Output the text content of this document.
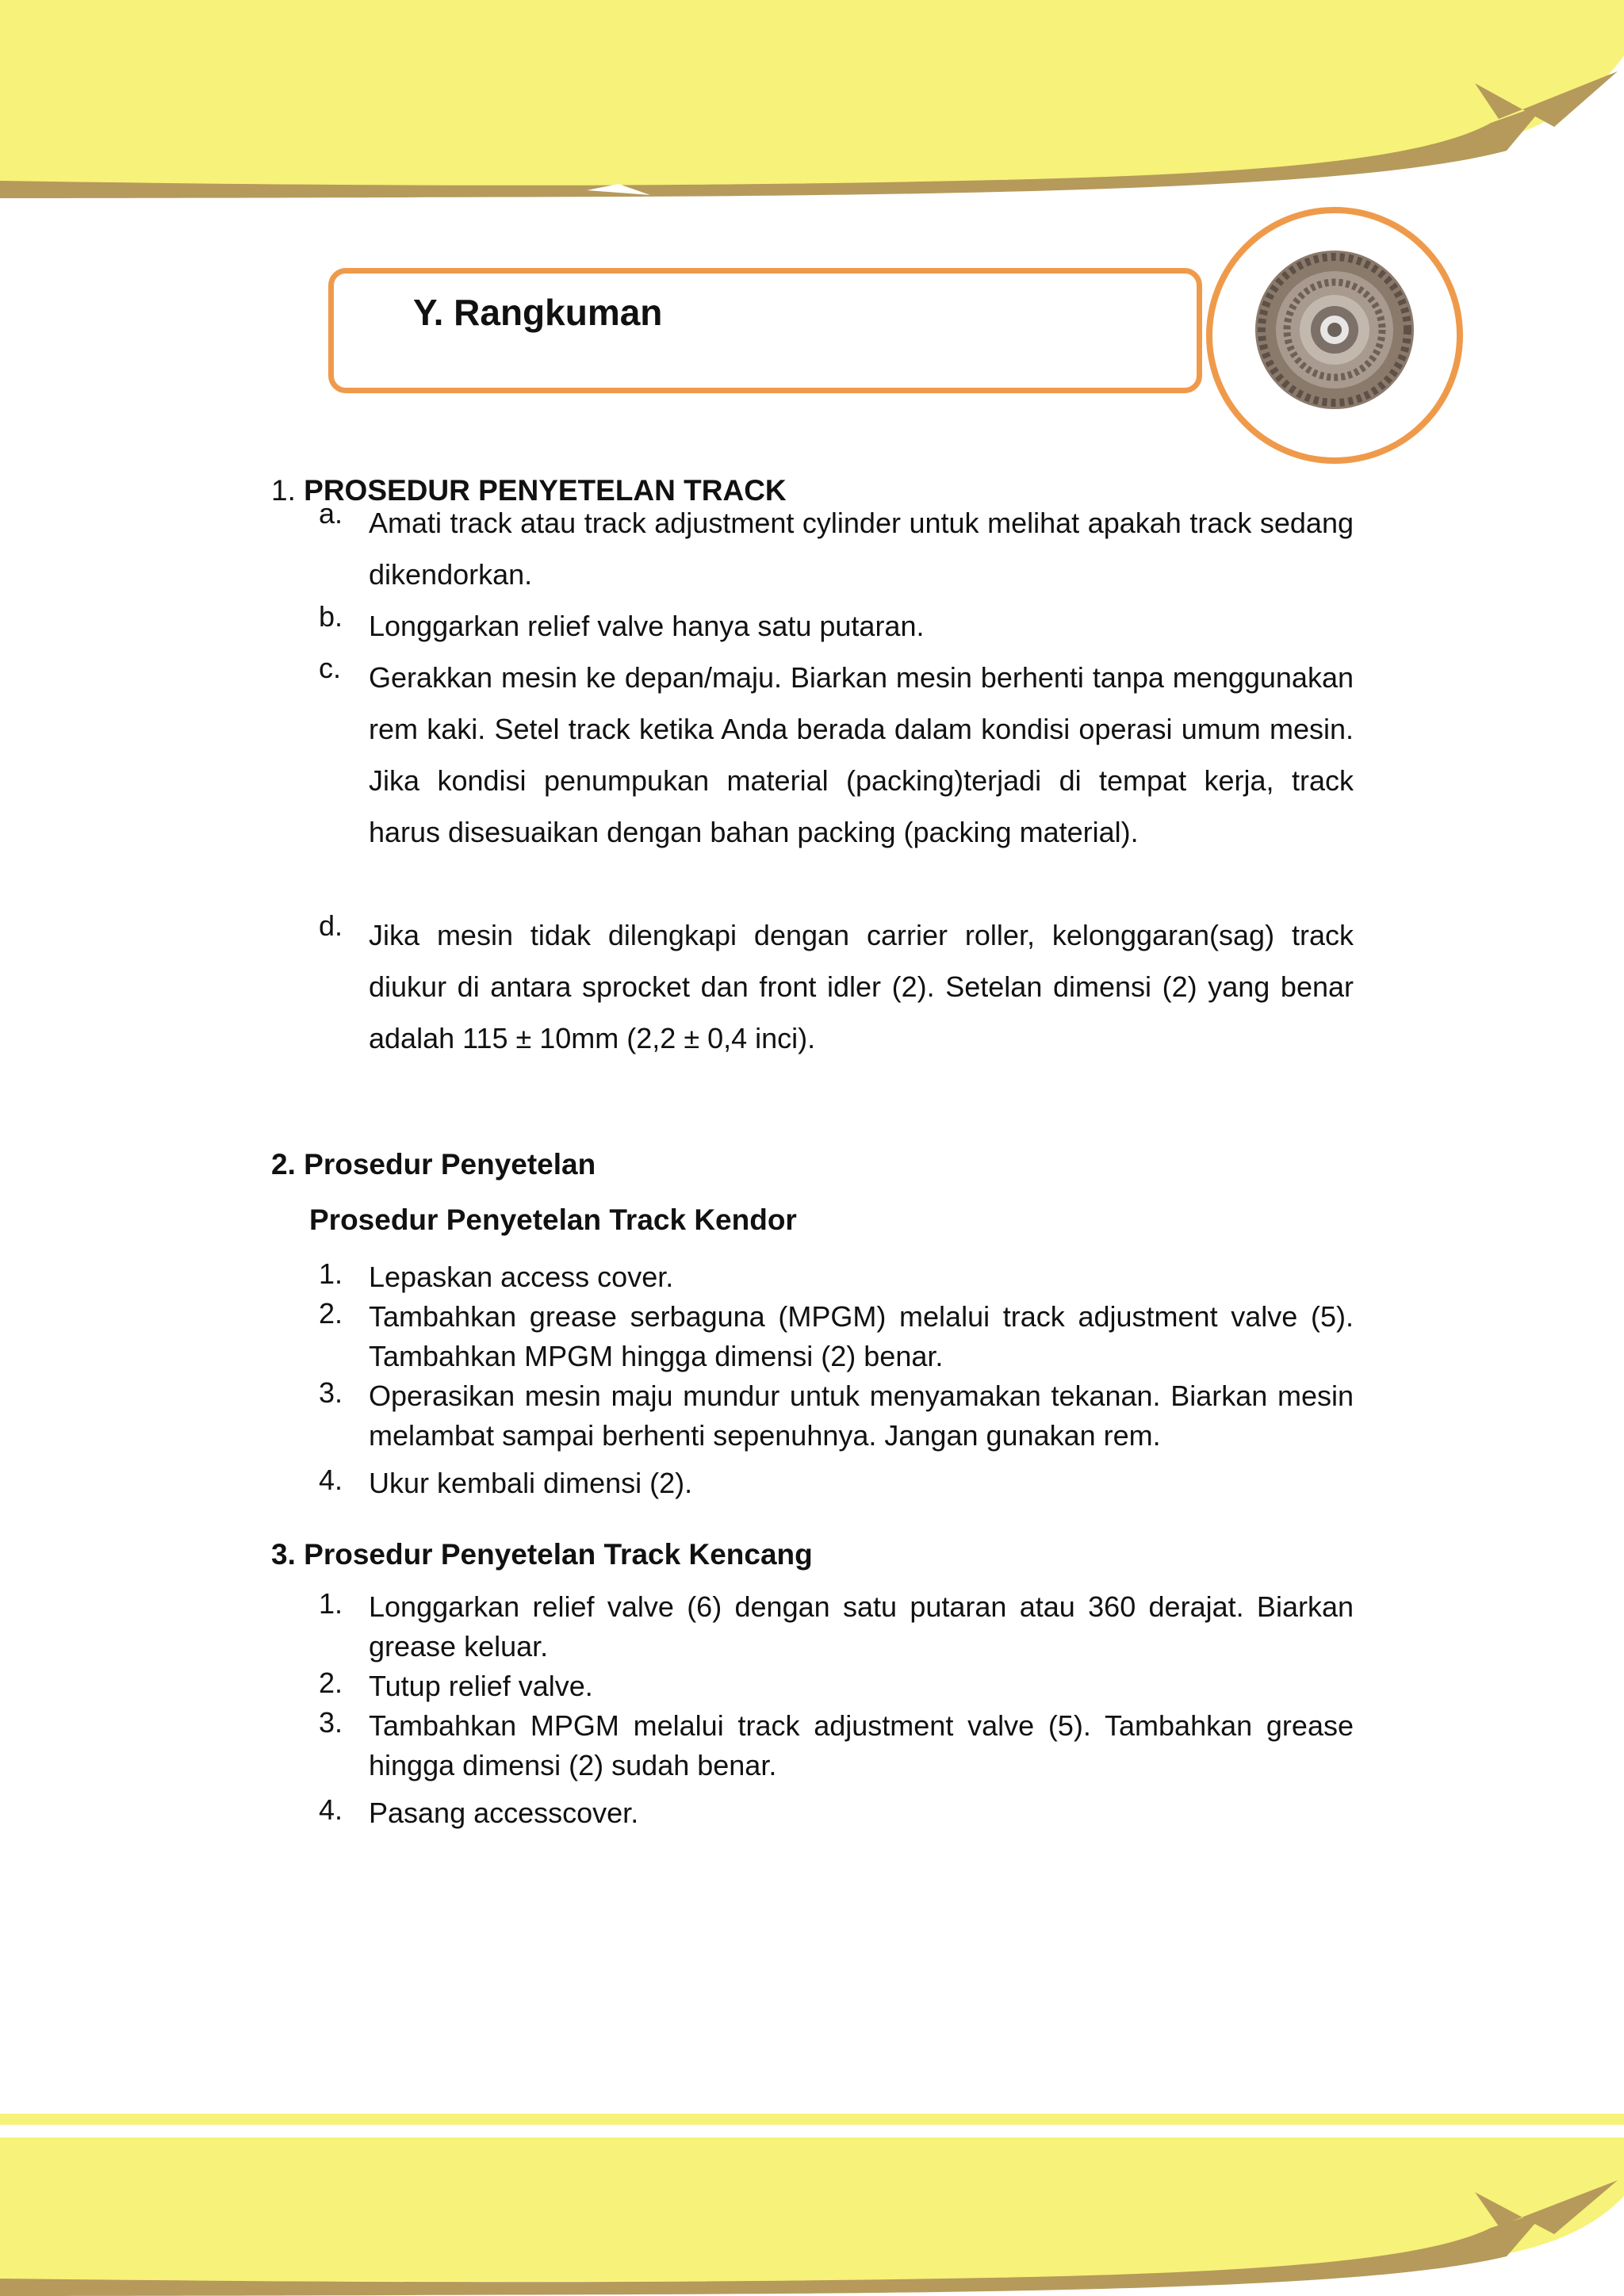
Y. Rangkuman
1. PROSEDUR PENYETELAN TRACK
a. Amati track atau track adjustment cylinder untuk melihat apakah track sedang dikendorkan.
b. Longgarkan relief valve hanya satu putaran.
c. Gerakkan mesin ke depan/maju. Biarkan mesin berhenti tanpa menggunakan rem kaki. Setel track ketika Anda berada dalam kondisi operasi umum mesin. Jika kondisi penumpukan material (packing)terjadi di tempat kerja, track harus disesuaikan dengan bahan packing (packing material).
d. Jika mesin tidak dilengkapi dengan carrier roller, kelonggaran(sag) track diukur di antara sprocket dan front idler (2). Setelan dimensi (2) yang benar adalah 115 ± 10mm (2,2 ± 0,4 inci).
2. Prosedur Penyetelan
Prosedur Penyetelan Track Kendor
1. Lepaskan access cover.
2. Tambahkan grease serbaguna (MPGM) melalui track adjustment valve (5). Tambahkan MPGM hingga dimensi (2) benar.
3. Operasikan mesin maju mundur untuk menyamakan tekanan. Biarkan mesin melambat sampai berhenti sepenuhnya. Jangan gunakan rem.
4. Ukur kembali dimensi (2).
3. Prosedur Penyetelan Track Kencang
1. Longgarkan relief valve (6) dengan satu putaran atau 360 derajat. Biarkan grease keluar.
2. Tutup relief valve.
3. Tambahkan MPGM melalui track adjustment valve (5). Tambahkan grease hingga dimensi (2) sudah benar.
4. Pasang accesscover.
